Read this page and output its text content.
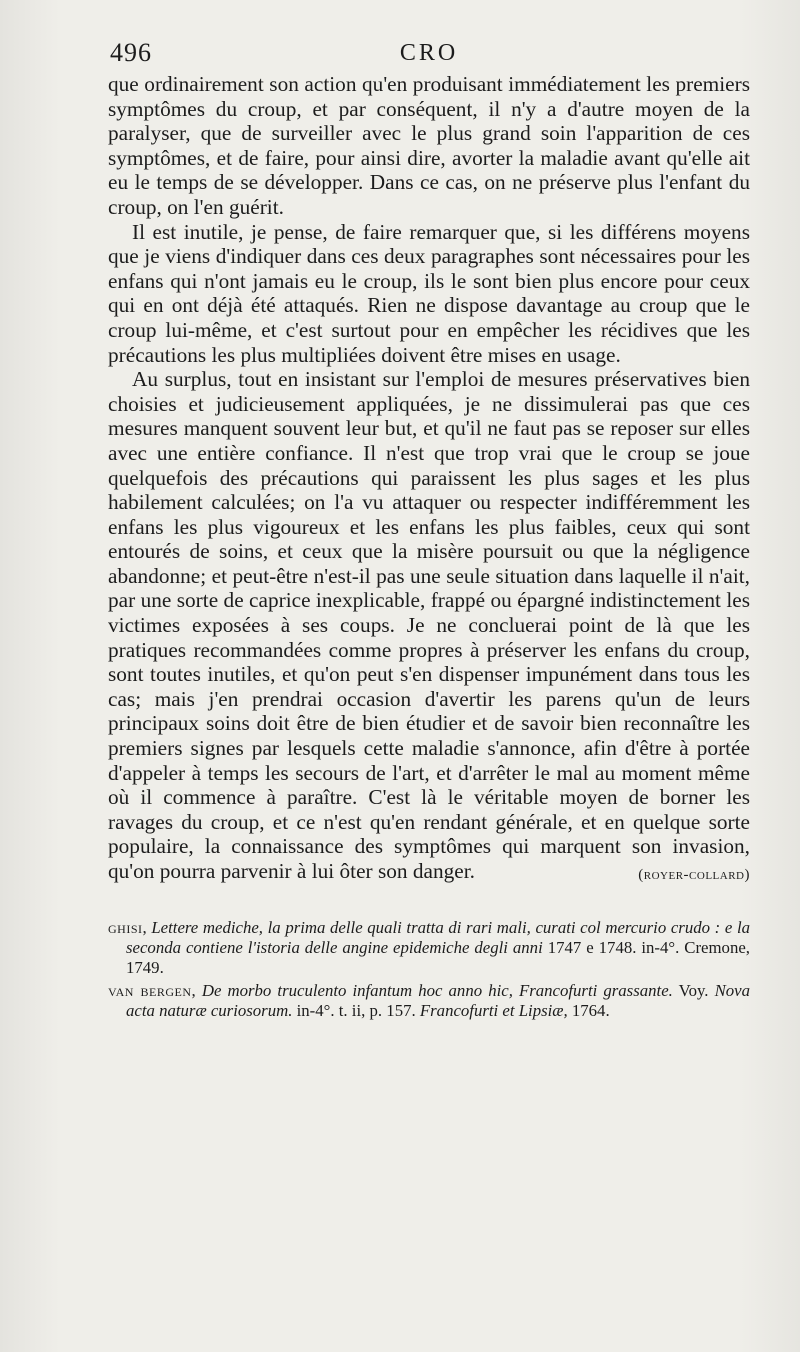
496	CRO

que ordinairement son action qu'en produisant immédiatement les premiers symptômes du croup, et par conséquent, il n'y a d'autre moyen de la paralyser, que de surveiller avec le plus grand soin l'apparition de ces symptômes, et de faire, pour ainsi dire, avorter la maladie avant qu'elle ait eu le temps de se développer. Dans ce cas, on ne préserve plus l'enfant du croup, on l'en guérit.

Il est inutile, je pense, de faire remarquer que, si les différens moyens que je viens d'indiquer dans ces deux paragraphes sont nécessaires pour les enfans qui n'ont jamais eu le croup, ils le sont bien plus encore pour ceux qui en ont déjà été attaqués. Rien ne dispose davantage au croup que le croup lui-même, et c'est surtout pour en empêcher les récidives que les précautions les plus multipliées doivent être mises en usage.

Au surplus, tout en insistant sur l'emploi de mesures préservatives bien choisies et judicieusement appliquées, je ne dissimulerai pas que ces mesures manquent souvent leur but, et qu'il ne faut pas se reposer sur elles avec une entière confiance. Il n'est que trop vrai que le croup se joue quelquefois des précautions qui paraissent les plus sages et les plus habilement calculées; on l'a vu attaquer ou respecter indifféremment les enfans les plus vigoureux et les enfans les plus faibles, ceux qui sont entourés de soins, et ceux que la misère poursuit ou que la négligence abandonne; et peut-être n'est-il pas une seule situation dans laquelle il n'ait, par une sorte de caprice inexplicable, frappé ou épargné indistinctement les victimes exposées à ses coups. Je ne concluerai point de là que les pratiques recommandées comme propres à préserver les enfans du croup, sont toutes inutiles, et qu'on peut s'en dispenser impunément dans tous les cas; mais j'en prendrai occasion d'avertir les parens qu'un de leurs principaux soins doit être de bien étudier et de savoir bien reconnaître les premiers signes par lesquels cette maladie s'annonce, afin d'être à portée d'appeler à temps les secours de l'art, et d'arrêter le mal au moment même où il commence à paraître. C'est là le véritable moyen de borner les ravages du croup, et ce n'est qu'en rendant générale, et en quelque sorte populaire, la connaissance des symptômes qui marquent son invasion, qu'on pourra parvenir à lui ôter son danger.	(royer-collard)

ghisi, Lettere mediche, la prima delle quali tratta di rari mali, curati col mercurio crudo : e la seconda contiene l'istoria delle angine epidemiche degli anni 1747 e 1748. in-4°. Cremone, 1749.

van bergen, De morbo truculento infantum hoc anno hic, Francofurti grassante. Voy. Nova acta naturæ curiosorum. in-4°. t. ii, p. 157. Francofurti et Lipsiæ, 1764.
